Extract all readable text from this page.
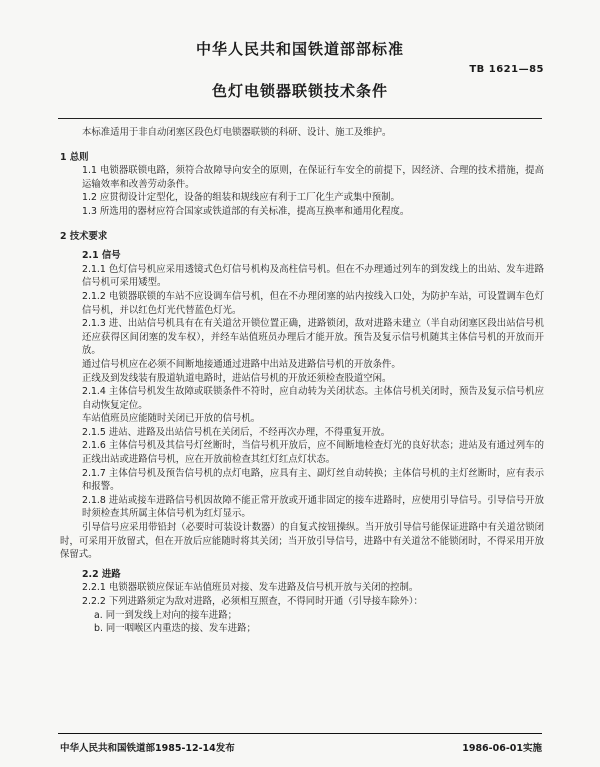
中华人民共和国铁道部部标准
TB 1621—85
色灯电锁器联锁技术条件

本标准适用于非自动闭塞区段色灯电锁器联锁的科研、设计、施工及维护。

1 总则

1.1 电锁器联锁电路，须符合故障导向安全的原则，在保证行车安全的前提下，因经济、合理的技术措施，提高运输效率和改善劳动条件。

1.2 应贯彻设计定型化，设备的组装和规线应有利于工厂化生产或集中预制。

1.3 所选用的器材应符合国家或铁道部的有关标准，提高互换率和通用化程度。

2 技术要求

2.1 信号

2.1.1 色灯信号机应采用透镜式色灯信号机构及高柱信号机。但在不办理通过列车的到发线上的出站、发车进路信号机可采用矮型。

2.1.2 电锁器联锁的车站不应设调车信号机，但在不办理闭塞的站内按线入口处，为防护车站，可设置调车色灯信号机，并以红色灯光代替蓝色灯光。

2.1.3 进、出站信号机具有在有关道岔开锁位置正确，进路锁闭，敌对进路未建立（半自动闭塞区段出站信号机还应获得区间闭塞的发车权），并经车站值班员办理后才能开放。预告及复示信号机随其主体信号机的开放而开放。

通过信号机应在必须不间断地接通通过进路中出站及进路信号机的开放条件。

正线及到发线装有股道轨道电路时，进站信号机的开放还须检查股道空闲。

2.1.4 主体信号机发生故障或联锁条件不符时，应自动转为关闭状态。主体信号机关闭时，预告及复示信号机应自动恢复定位。

车站值班员应能随时关闭已开放的信号机。

2.1.5 进站、进路及出站信号机在关闭后，不经再次办理，不得重复开放。

2.1.6 主体信号机及其信号灯丝断时，当信号机开放后，应不间断地检查灯光的良好状态；进站及有通过列车的正线出站或进路信号机，应在开放前检查其红灯红点灯状态。

2.1.7 主体信号机及预告信号机的点灯电路，应具有主、副灯丝自动转换；主体信号机的主灯丝断时，应有表示和报警。

2.1.8 进站或接车进路信号机因故障不能正常开放或开通非固定的接车进路时，应使用引导信号。引导信号开放时须检查其所属主体信号机为红灯显示。

引导信号应采用带铅封（必要时可装设计数器）的自复式按钮操纵。当开放引导信号能保证进路中有关道岔锁闭时，可采用开放留式，但在开放后应能随时将其关闭；当开放引导信号，进路中有关道岔不能锁闭时，不得采用开放保留式。

2.2 进路

2.2.1 电锁器联锁应保证车站值班员对接、发车进路及信号机开放与关闭的控制。

2.2.2 下列进路须定为敌对进路，必须相互照查，不得同时开通（引导接车除外）：

a. 同一到发线上对向的接车进路；

b. 同一咽喉区内重迭的接、发车进路；

中华人民共和国铁道部1985-12-14发布	1986-06-01实施
